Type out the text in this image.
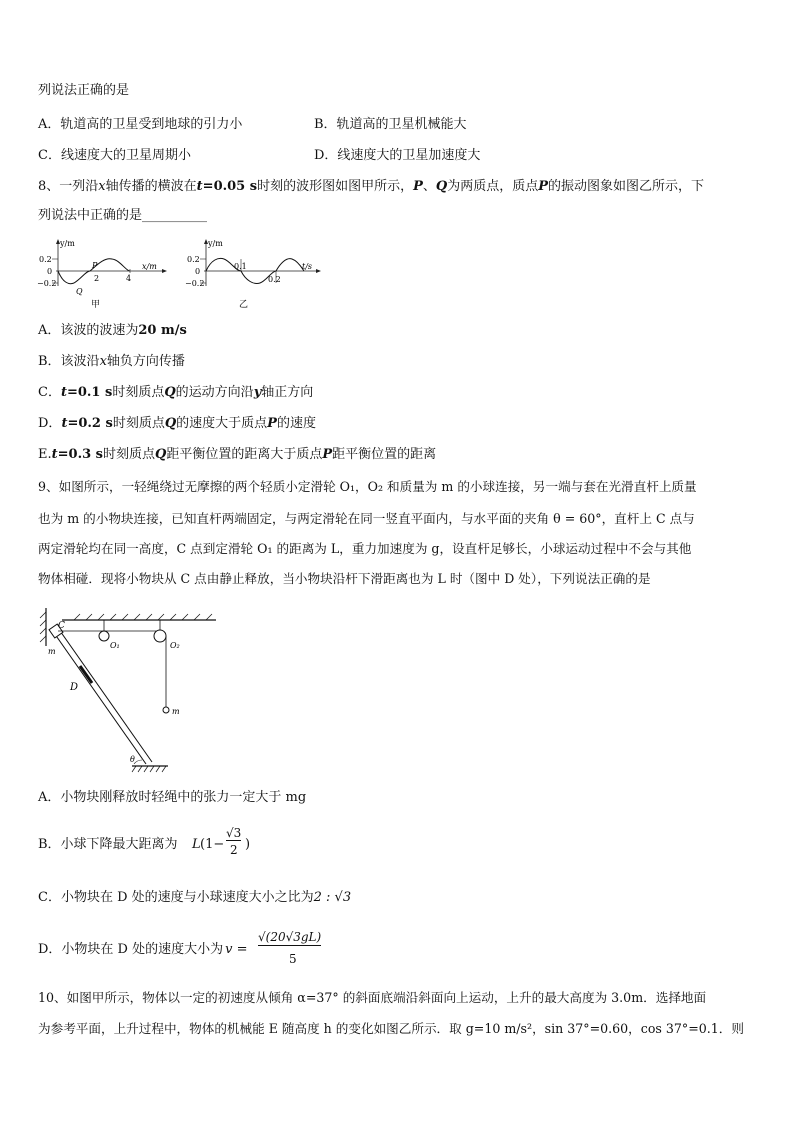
列说法正确的是
A．轨道高的卫星受到地球的引力小	B．轨道高的卫星机械能大
C．线速度大的卫星周期小	D．线速度大的卫星加速度大
8、一列沿x轴传播的横波在t=0.05 s时刻的波形图如图甲所示，P、Q为两质点，质点P的振动图象如图乙所示，下
列说法中正确的是__________
y/m
x/m
0.2
0
−0.2
P
Q
2	4
甲
y/m
t/s
0.2
0
−0.2
0.1
0.2
乙
A．该波的波速为20 m/s
B．该波沿x轴负方向传播
C．t=0.1 s时刻质点Q的运动方向沿y轴正方向
D．t=0.2 s时刻质点Q的速度大于质点P的速度
E.t=0.3 s时刻质点Q距平衡位置的距离大于质点P距平衡位置的距离
9、如图所示，一轻绳绕过无摩擦的两个轻质小定滑轮 O₁，O₂ 和质量为 m 的小球连接，另一端与套在光滑直杆上质量
也为 m 的小物块连接，已知直杆两端固定，与两定滑轮在同一竖直平面内，与水平面的夹角 θ = 60°，直杆上 C 点与
两定滑轮均在同一高度，C 点到定滑轮 O₁ 的距离为 L，重力加速度为 g，设直杆足够长，小球运动过程中不会与其他
物体相碰．现将小物块从 C 点由静止释放，当小物块沿杆下滑距离也为 L 时（图中 D 处），下列说法正确的是
C
m
O₁	O₂
D
m
θ
A．小物块刚释放时轻绳中的张力一定大于 mg
B．小球下降最大距离为 L (1−
√3
2 )
C．小物块在 D 处的速度与小球速度大小之比为2 : √3
D．小物块在 D 处的速度大小为 v =
√(20√3gL)
5
10、如图甲所示，物体以一定的初速度从倾角 α=37° 的斜面底端沿斜面向上运动，上升的最大高度为 3.0m．选择地面
为参考平面，上升过程中，物体的机械能 E 随高度 h 的变化如图乙所示．取 g=10 m/s²，sin 37°=0.60，cos 37°=0.1．则
